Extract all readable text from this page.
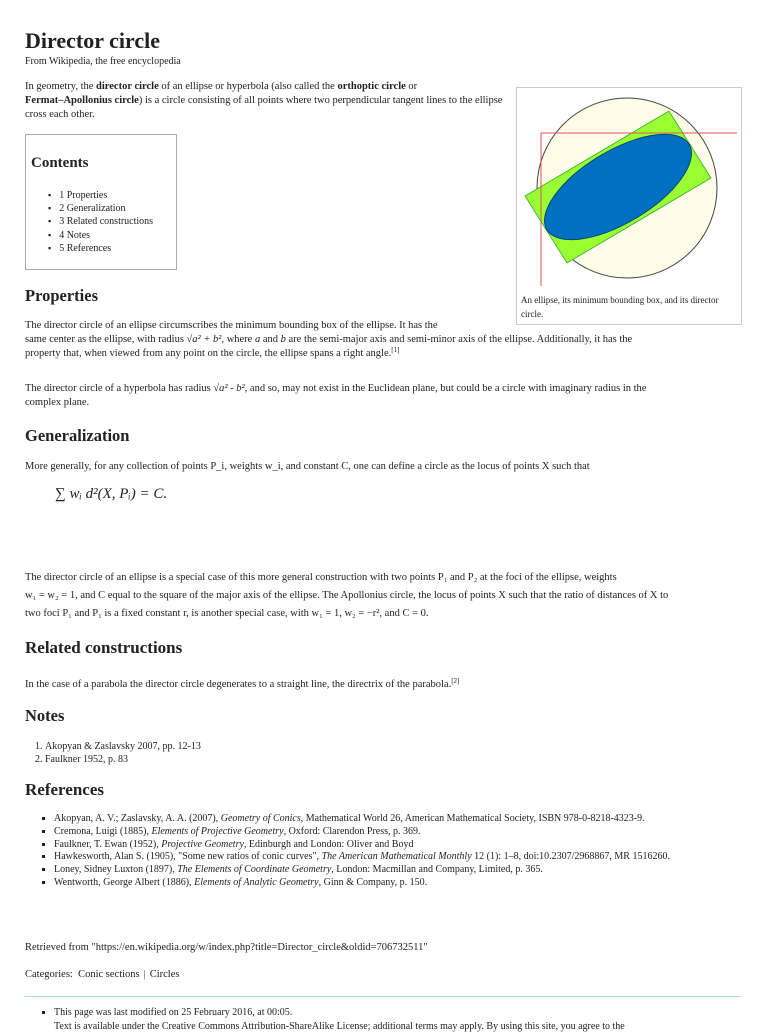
Director circle
From Wikipedia, the free encyclopedia

In geometry, the director circle of an ellipse or hyperbola (also called the orthoptic circle or
Fermat–Apollonius circle) is a circle consisting of all points where two perpendicular tangent lines to the ellipse cross each other.

Contents
▪ 1 Properties
▪ 2 Generalization
▪ 3 Related constructions
▪ 4 Notes
▪ 5 References
An ellipse, its minimum bounding box, and its director circle.
Properties

The director circle of an ellipse circumscribes the minimum bounding box of the ellipse. It has the
same center as the ellipse, with radius √a² + b², where a and b are the semi-major axis and semi-minor axis of the ellipse. Additionally, it has the
property that, when viewed from any point on the circle, the ellipse spans a right angle.[1]

The director circle of a hyperbola has radius √a² - b², and so, may not exist in the Euclidean plane, but could be a circle with imaginary radius in the
complex plane.

Generalization

More generally, for any collection of points P_i, weights w_i, and constant C, one can define a circle as the locus of points X such that

∑ wᵢ d²(X, Pᵢ) = C.

The director circle of an ellipse is a special case of this more general construction with two points P₁ and P₂ at the foci of the ellipse, weights
w₁ = w₂ = 1, and C equal to the square of the major axis of the ellipse. The Apollonius circle, the locus of points X such that the ratio of distances of X to
two foci P₁ and P₁ is a fixed constant r, is another special case, with w₁ = 1, w₂ = −r², and C = 0.

Related constructions

In the case of a parabola the director circle degenerates to a straight line, the directrix of the parabola.[2]

Notes
1. Akopyan & Zaslavsky 2007, pp. 12-13
2. Faulkner 1952, p. 83
References
▪ Akopyan, A. V.; Zaslavsky, A. A. (2007), Geometry of Conics, Mathematical World 26, American Mathematical Society, ISBN 978-0-8218-4323-9.
▪ Cremona, Luigi (1885), Elements of Projective Geometry, Oxford: Clarendon Press, p. 369.
▪ Faulkner, T. Ewan (1952), Projective Geometry, Edinburgh and London: Oliver and Boyd
▪ Hawkesworth, Alan S. (1905), "Some new ratios of conic curves", The American Mathematical Monthly 12 (1): 1–8, doi:10.2307/2968867, MR 1516260.
▪ Loney, Sidney Luxton (1897), The Elements of Coordinate Geometry, London: Macmillan and Company, Limited, p. 365.
▪ Wentworth, George Albert (1886), Elements of Analytic Geometry, Ginn & Company, p. 150.

Retrieved from "https://en.wikipedia.org/w/index.php?title=Director_circle&oldid=706732511"

Categories: Conic sections | Circles

▪ This page was last modified on 25 February 2016, at 00:05.
▪ Text is available under the Creative Commons Attribution-ShareAlike License; additional terms may apply. By using this site, you agree to the
